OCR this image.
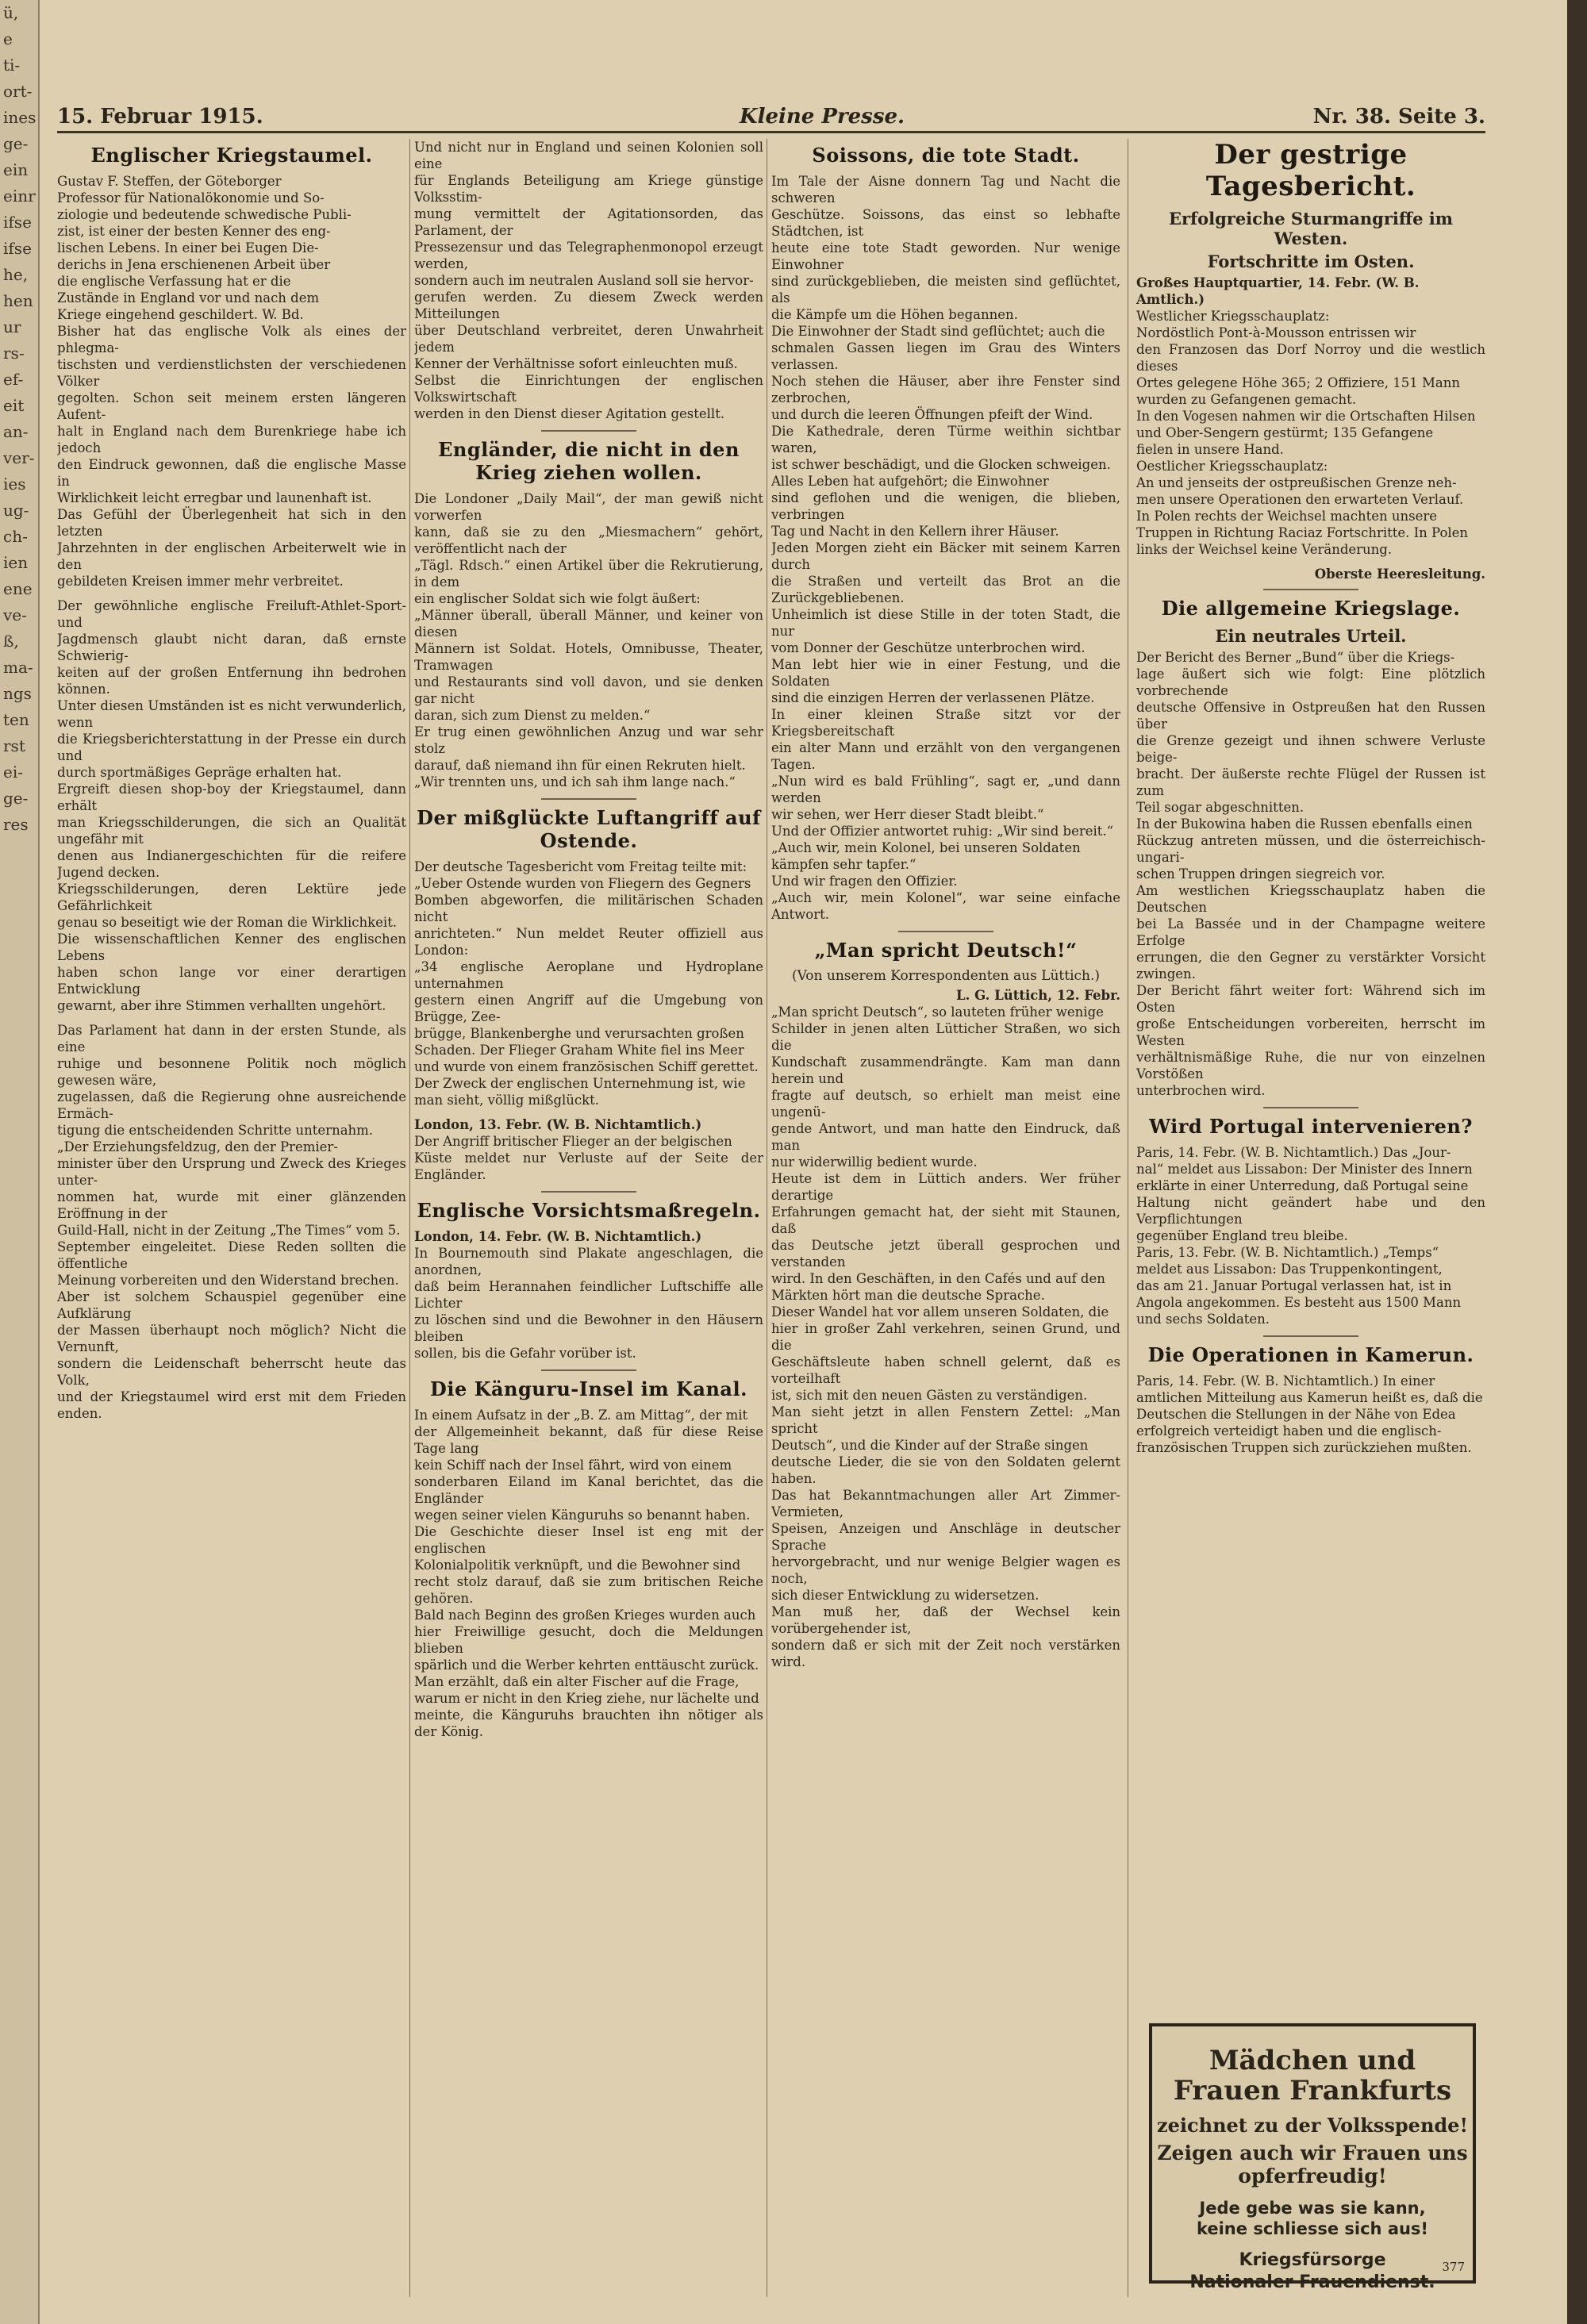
ü,
e
ti-
ort-
ines
ge-
ein
einr
ifse
ifse
he,
hen
ur
rs-
ef-
eit
an-
ver-
ies
ug-
ch-
ien
ene
ve-
ß,
ma-
ngs
ten
rst
ei-
ge-
res
15. Februar 1915.	Kleine Presse.	Nr. 38. Seite 3.
Englischer Kriegstaumel.

Gustav F. Steffen, der Göteborger

Professor für Nationalökonomie und So-

ziologie und bedeutende schwedische Publi-

zist, ist einer der besten Kenner des eng-

lischen Lebens. In einer bei Eugen Die-

derichs in Jena erschienenen Arbeit über

die englische Verfassung hat er die

Zustände in England vor und nach dem

Kriege eingehend geschildert. W. Bd.

Bisher hat das englische Volk als eines der phlegma-

tischsten und verdienstlichsten der verschiedenen Völker

gegolten. Schon seit meinem ersten längeren Aufent-

halt in England nach dem Burenkriege habe ich jedoch

den Eindruck gewonnen, daß die englische Masse in

Wirklichkeit leicht erregbar und launenhaft ist.

Das Gefühl der Überlegenheit hat sich in den letzten

Jahrzehnten in der englischen Arbeiterwelt wie in den

gebildeten Kreisen immer mehr verbreitet.

Der gewöhnliche englische Freiluft-Athlet-Sport- und

Jagdmensch glaubt nicht daran, daß ernste Schwierig-

keiten auf der großen Entfernung ihn bedrohen können.

Unter diesen Umständen ist es nicht verwunderlich, wenn

die Kriegsberichterstattung in der Presse ein durch und

durch sportmäßiges Gepräge erhalten hat.

Ergreift diesen shop-boy der Kriegstaumel, dann erhält

man Kriegsschilderungen, die sich an Qualität ungefähr mit

denen aus Indianergeschichten für die reifere Jugend decken.

Kriegsschilderungen, deren Lektüre jede Gefährlichkeit

genau so beseitigt wie der Roman die Wirklichkeit.

Die wissenschaftlichen Kenner des englischen Lebens

haben schon lange vor einer derartigen Entwicklung

gewarnt, aber ihre Stimmen verhallten ungehört.

Das Parlament hat dann in der ersten Stunde, als eine

ruhige und besonnene Politik noch möglich gewesen wäre,

zugelassen, daß die Regierung ohne ausreichende Ermäch-

tigung die entscheidenden Schritte unternahm.

„Der Erziehungsfeldzug, den der Premier-

minister über den Ursprung und Zweck des Krieges unter-

nommen hat, wurde mit einer glänzenden Eröffnung in der

Guild-Hall, nicht in der Zeitung „The Times“ vom 5.

September eingeleitet. Diese Reden sollten die öffentliche

Meinung vorbereiten und den Widerstand brechen.

Aber ist solchem Schauspiel gegenüber eine Aufklärung

der Massen überhaupt noch möglich? Nicht die Vernunft,

sondern die Leidenschaft beherrscht heute das Volk,

und der Kriegstaumel wird erst mit dem Frieden enden.

Und nicht nur in England und seinen Kolonien soll eine

für Englands Beteiligung am Kriege günstige Volksstim-

mung vermittelt der Agitationsorden, das Parlament, der

Pressezensur und das Telegraphenmonopol erzeugt werden,

sondern auch im neutralen Ausland soll sie hervor-

gerufen werden. Zu diesem Zweck werden Mitteilungen

über Deutschland verbreitet, deren Unwahrheit jedem

Kenner der Verhältnisse sofort einleuchten muß.

Selbst die Einrichtungen der englischen Volkswirtschaft

werden in den Dienst dieser Agitation gestellt.

Engländer, die nicht in den Krieg ziehen wollen.

Die Londoner „Daily Mail“, der man gewiß nicht vorwerfen

kann, daß sie zu den „Miesmachern“ gehört, veröffentlicht nach der

„Tägl. Rdsch.“ einen Artikel über die Rekrutierung, in dem

ein englischer Soldat sich wie folgt äußert:

„Männer überall, überall Männer, und keiner von diesen

Männern ist Soldat. Hotels, Omnibusse, Theater, Tramwagen

und Restaurants sind voll davon, und sie denken gar nicht

daran, sich zum Dienst zu melden.“

Er trug einen gewöhnlichen Anzug und war sehr stolz

darauf, daß niemand ihn für einen Rekruten hielt.

„Wir trennten uns, und ich sah ihm lange nach.“

Der mißglückte Luftangriff auf Ostende.

Der deutsche Tagesbericht vom Freitag teilte mit:

„Ueber Ostende wurden von Fliegern des Gegners

Bomben abgeworfen, die militärischen Schaden nicht

anrichteten.“ Nun meldet Reuter offiziell aus London:

„34 englische Aeroplane und Hydroplane unternahmen

gestern einen Angriff auf die Umgebung von Brügge, Zee-

brügge, Blankenberghe und verursachten großen

Schaden. Der Flieger Graham White fiel ins Meer

und wurde von einem französischen Schiff gerettet.

Der Zweck der englischen Unternehmung ist, wie

man sieht, völlig mißglückt.

London, 13. Febr. (W. B. Nichtamtlich.)

Der Angriff britischer Flieger an der belgischen

Küste meldet nur Verluste auf der Seite der Engländer.

Englische Vorsichtsmaßregeln.

London, 14. Febr. (W. B. Nichtamtlich.)

In Bournemouth sind Plakate angeschlagen, die anordnen,

daß beim Herannahen feindlicher Luftschiffe alle Lichter

zu löschen sind und die Bewohner in den Häusern bleiben

sollen, bis die Gefahr vorüber ist.

Die Känguru-Insel im Kanal.

In einem Aufsatz in der „B. Z. am Mittag“, der mit

der Allgemeinheit bekannt, daß für diese Reise Tage lang

kein Schiff nach der Insel fährt, wird von einem

sonderbaren Eiland im Kanal berichtet, das die Engländer

wegen seiner vielen Känguruhs so benannt haben.

Die Geschichte dieser Insel ist eng mit der englischen

Kolonialpolitik verknüpft, und die Bewohner sind

recht stolz darauf, daß sie zum britischen Reiche gehören.

Bald nach Beginn des großen Krieges wurden auch

hier Freiwillige gesucht, doch die Meldungen blieben

spärlich und die Werber kehrten enttäuscht zurück.

Man erzählt, daß ein alter Fischer auf die Frage,

warum er nicht in den Krieg ziehe, nur lächelte und

meinte, die Känguruhs brauchten ihn nötiger als der König.

Soissons, die tote Stadt.

Im Tale der Aisne donnern Tag und Nacht die schweren

Geschütze. Soissons, das einst so lebhafte Städtchen, ist

heute eine tote Stadt geworden. Nur wenige Einwohner

sind zurückgeblieben, die meisten sind geflüchtet, als

die Kämpfe um die Höhen begannen.

Die Einwohner der Stadt sind geflüchtet; auch die

schmalen Gassen liegen im Grau des Winters verlassen.

Noch stehen die Häuser, aber ihre Fenster sind zerbrochen,

und durch die leeren Öffnungen pfeift der Wind.

Die Kathedrale, deren Türme weithin sichtbar waren,

ist schwer beschädigt, und die Glocken schweigen.

Alles Leben hat aufgehört; die Einwohner

sind geflohen und die wenigen, die blieben, verbringen

Tag und Nacht in den Kellern ihrer Häuser.

Jeden Morgen zieht ein Bäcker mit seinem Karren durch

die Straßen und verteilt das Brot an die Zurückgebliebenen.

Unheimlich ist diese Stille in der toten Stadt, die nur

vom Donner der Geschütze unterbrochen wird.

Man lebt hier wie in einer Festung, und die Soldaten

sind die einzigen Herren der verlassenen Plätze.

In einer kleinen Straße sitzt vor der Kriegsbereitschaft

ein alter Mann und erzählt von den vergangenen Tagen.

„Nun wird es bald Frühling“, sagt er, „und dann werden

wir sehen, wer Herr dieser Stadt bleibt.“

Und der Offizier antwortet ruhig: „Wir sind bereit.“

„Auch wir, mein Kolonel, bei unseren Soldaten

kämpfen sehr tapfer.“

Und wir fragen den Offizier.

„Auch wir, mein Kolonel“, war seine einfache Antwort.

„Man spricht Deutsch!“
(Von unserem Korrespondenten aus Lüttich.)

L. G. Lüttich, 12. Febr.

„Man spricht Deutsch“, so lauteten früher wenige

Schilder in jenen alten Lütticher Straßen, wo sich die

Kundschaft zusammendrängte. Kam man dann herein und

fragte auf deutsch, so erhielt man meist eine ungenü-

gende Antwort, und man hatte den Eindruck, daß man

nur widerwillig bedient wurde.

Heute ist dem in Lüttich anders. Wer früher derartige

Erfahrungen gemacht hat, der sieht mit Staunen, daß

das Deutsche jetzt überall gesprochen und verstanden

wird. In den Geschäften, in den Cafés und auf den

Märkten hört man die deutsche Sprache.

Dieser Wandel hat vor allem unseren Soldaten, die

hier in großer Zahl verkehren, seinen Grund, und die

Geschäftsleute haben schnell gelernt, daß es vorteilhaft

ist, sich mit den neuen Gästen zu verständigen.

Man sieht jetzt in allen Fenstern Zettel: „Man spricht

Deutsch“, und die Kinder auf der Straße singen

deutsche Lieder, die sie von den Soldaten gelernt haben.

Das hat Bekanntmachungen aller Art Zimmer-Vermieten,

Speisen, Anzeigen und Anschläge in deutscher Sprache

hervorgebracht, und nur wenige Belgier wagen es noch,

sich dieser Entwicklung zu widersetzen.

Man muß her, daß der Wechsel kein vorübergehender ist,

sondern daß er sich mit der Zeit noch verstärken wird.

Der gestrige Tagesbericht.
Erfolgreiche Sturmangriffe im Westen.
Fortschritte im Osten.

Großes Hauptquartier, 14. Febr. (W. B. Amtlich.)

Westlicher Kriegsschauplatz:

Nordöstlich Pont-à-Mousson entrissen wir

den Franzosen das Dorf Norroy und die westlich dieses

Ortes gelegene Höhe 365; 2 Offiziere, 151 Mann

wurden zu Gefangenen gemacht.

In den Vogesen nahmen wir die Ortschaften Hilsen

und Ober-Sengern gestürmt; 135 Gefangene

fielen in unsere Hand.

Oestlicher Kriegsschauplatz:

An und jenseits der ostpreußischen Grenze neh-

men unsere Operationen den erwarteten Verlauf.

In Polen rechts der Weichsel machten unsere

Truppen in Richtung Raciaz Fortschritte. In Polen

links der Weichsel keine Veränderung.

Oberste Heeresleitung.

Die allgemeine Kriegslage.
Ein neutrales Urteil.

Der Bericht des Berner „Bund“ über die Kriegs-

lage äußert sich wie folgt: Eine plötzlich vorbrechende

deutsche Offensive in Ostpreußen hat den Russen über

die Grenze gezeigt und ihnen schwere Verluste beige-

bracht. Der äußerste rechte Flügel der Russen ist zum

Teil sogar abgeschnitten.

In der Bukowina haben die Russen ebenfalls einen

Rückzug antreten müssen, und die österreichisch-ungari-

schen Truppen dringen siegreich vor.

Am westlichen Kriegsschauplatz haben die Deutschen

bei La Bassée und in der Champagne weitere Erfolge

errungen, die den Gegner zu verstärkter Vorsicht zwingen.

Der Bericht fährt weiter fort: Während sich im Osten

große Entscheidungen vorbereiten, herrscht im Westen

verhältnismäßige Ruhe, die nur von einzelnen Vorstößen

unterbrochen wird.

Wird Portugal intervenieren?

Paris, 14. Febr. (W. B. Nichtamtlich.) Das „Jour-

nal“ meldet aus Lissabon: Der Minister des Innern

erklärte in einer Unterredung, daß Portugal seine

Haltung nicht geändert habe und den Verpflichtungen

gegenüber England treu bleibe.

Paris, 13. Febr. (W. B. Nichtamtlich.) „Temps“

meldet aus Lissabon: Das Truppenkontingent,

das am 21. Januar Portugal verlassen hat, ist in

Angola angekommen. Es besteht aus 1500 Mann

und sechs Soldaten.

Die Operationen in Kamerun.

Paris, 14. Febr. (W. B. Nichtamtlich.) In einer

amtlichen Mitteilung aus Kamerun heißt es, daß die

Deutschen die Stellungen in der Nähe von Edea

erfolgreich verteidigt haben und die englisch-

französischen Truppen sich zurückziehen mußten.

Mädchen und Frauen Frankfurts
zeichnet zu der Volksspende!
Zeigen auch wir Frauen uns opferfreudig!
Jede gebe was sie kann,
keine schliesse sich aus!
Kriegsfürsorge
Nationaler Frauendienst.
377
